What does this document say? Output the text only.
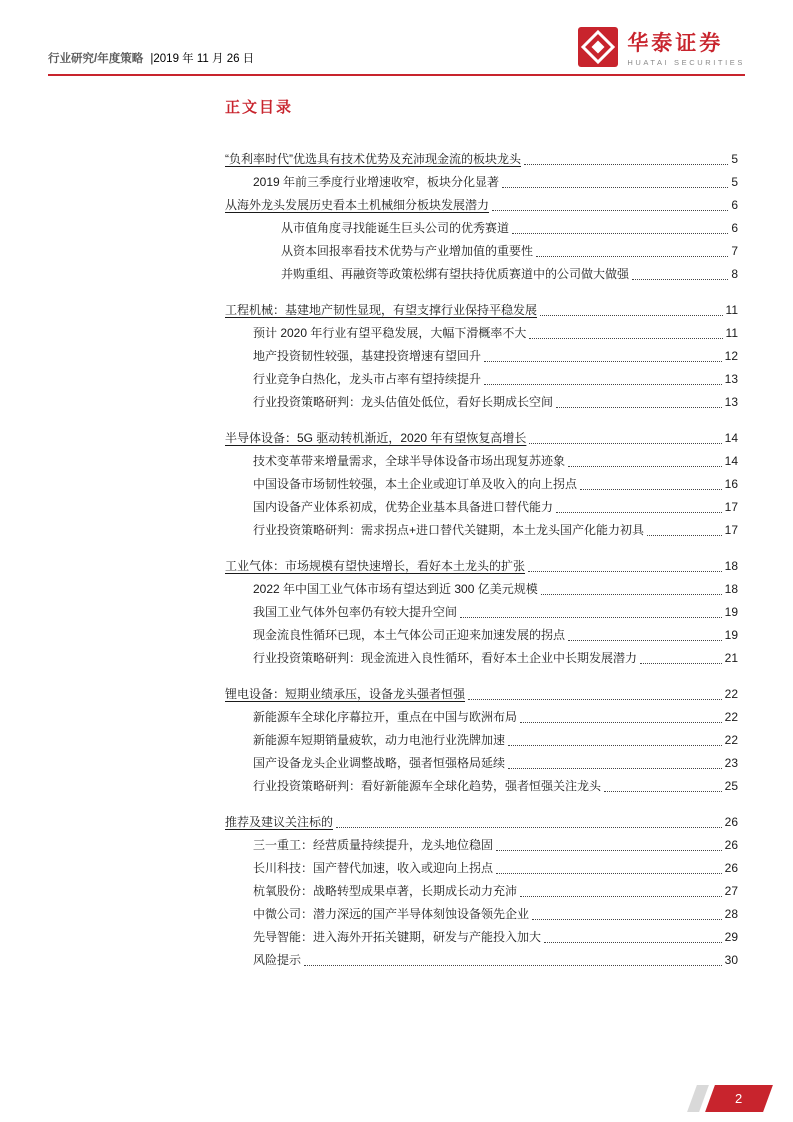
行业研究/年度策略 |2019 年 11 月 26 日
华泰证券
HUATAI SECURITIES
正文目录
“负利率时代”优选具有技术优势及充沛现金流的板块龙头	5
2019 年前三季度行业增速收窄，板块分化显著	5
从海外龙头发展历史看本土机械细分板块发展潜力	6
从市值角度寻找能诞生巨头公司的优秀赛道	6
从资本回报率看技术优势与产业增加值的重要性	7
并购重组、再融资等政策松绑有望扶持优质赛道中的公司做大做强	8
工程机械：基建地产韧性显现，有望支撑行业保持平稳发展	11
预计 2020 年行业有望平稳发展，大幅下滑概率不大	11
地产投资韧性较强，基建投资增速有望回升	12
行业竞争白热化，龙头市占率有望持续提升	13
行业投资策略研判：龙头估值处低位，看好长期成长空间	13
半导体设备：5G 驱动转机渐近，2020 年有望恢复高增长	14
技术变革带来增量需求，全球半导体设备市场出现复苏迹象	14
中国设备市场韧性较强，本土企业或迎订单及收入的向上拐点	16
国内设备产业体系初成，优势企业基本具备进口替代能力	17
行业投资策略研判：需求拐点+进口替代关键期，本土龙头国产化能力初具	17
工业气体：市场规模有望快速增长，看好本土龙头的扩张	18
2022 年中国工业气体市场有望达到近 300 亿美元规模	18
我国工业气体外包率仍有较大提升空间	19
现金流良性循环已现，本土气体公司正迎来加速发展的拐点	19
行业投资策略研判：现金流进入良性循环，看好本土企业中长期发展潜力	21
锂电设备：短期业绩承压，设备龙头强者恒强	22
新能源车全球化序幕拉开，重点在中国与欧洲布局	22
新能源车短期销量疲软，动力电池行业洗牌加速	22
国产设备龙头企业调整战略，强者恒强格局延续	23
行业投资策略研判：看好新能源车全球化趋势，强者恒强关注龙头	25
推荐及建议关注标的	26
三一重工：经营质量持续提升，龙头地位稳固	26
长川科技：国产替代加速，收入或迎向上拐点	26
杭氧股份：战略转型成果卓著，长期成长动力充沛	27
中微公司：潜力深远的国产半导体刻蚀设备领先企业	28
先导智能：进入海外开拓关键期，研发与产能投入加大	29
风险提示	30
2
